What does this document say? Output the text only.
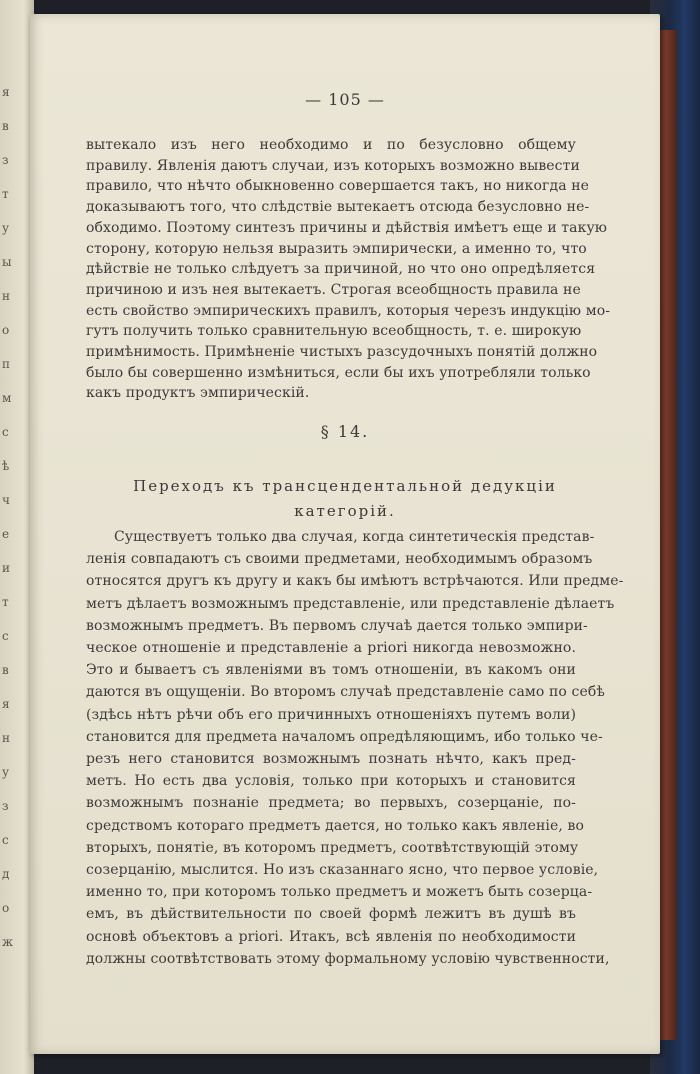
я
в
з
т
у
ы
н
о
п
м
с
ѣ
ч
е
и
т
с
в
я
н
у
з
с
д
о
ж
— 105 —
вытекало изъ него необходимо и по безусловно общему
правилу. Явленія даютъ случаи, изъ которыхъ возможно вывести
правило, что нѣчто обыкновенно совершается такъ, но никогда не
доказываютъ того, что слѣдствіе вытекаетъ отсюда безусловно не-
обходимо. Поэтому синтезъ причины и дѣйствія имѣетъ еще и такую
сторону, которую нельзя выразить эмпирически, а именно то, что
дѣйствіе не только слѣдуетъ за причиной, но что оно опредѣляется
причиною и изъ нея вытекаетъ. Строгая всеобщность правила не
есть свойство эмпирическихъ правилъ, которыя черезъ индукцію мо-
гутъ получить только сравнительную всеобщность, т. е. широкую
примѣнимость. Примѣненіе чистыхъ разсудочныхъ понятій должно
было бы совершенно измѣниться, если бы ихъ употребляли только
какъ продуктъ эмпирическій.
§ 14.
Переходъ къ трансцендентальной дедукціи
категорій.
Существуетъ только два случая, когда синтетическія представ-
ленія совпадаютъ съ своими предметами, необходимымъ образомъ
относятся другъ къ другу и какъ бы имѣютъ встрѣчаются. Или предме-
метъ дѣлаетъ возможнымъ представленіе, или представленіе дѣлаетъ
возможнымъ предметъ. Въ первомъ случаѣ дается только эмпири-
ческое отношеніе и представленіе a priori никогда невозможно.
Это и бываетъ съ явленіями въ томъ отношеніи, въ какомъ они
даются въ ощущеніи. Во второмъ случаѣ представленіе само по себѣ
(здѣсь нѣтъ рѣчи объ его причинныхъ отношеніяхъ путемъ воли)
становится для предмета началомъ опредѣляющимъ, ибо только че-
резъ него становится возможнымъ познать нѣчто, какъ пред-
метъ. Но есть два условія, только при которыхъ и становится
возможнымъ познаніе предмета; во первыхъ, созерцаніе, по-
средствомъ котораго предметъ дается, но только какъ явленіе, во
вторыхъ, понятіе, въ которомъ предметъ, соотвѣтствующій этому
созерцанію, мыслится. Но изъ сказаннаго ясно, что первое условіе,
именно то, при которомъ только предметъ и можетъ быть созерца-
емъ, въ дѣйствительности по своей формѣ лежитъ въ душѣ въ
основѣ объектовъ a priori. Итакъ, всѣ явленія по необходимости
должны соотвѣтствовать этому формальному условію чувственности,
